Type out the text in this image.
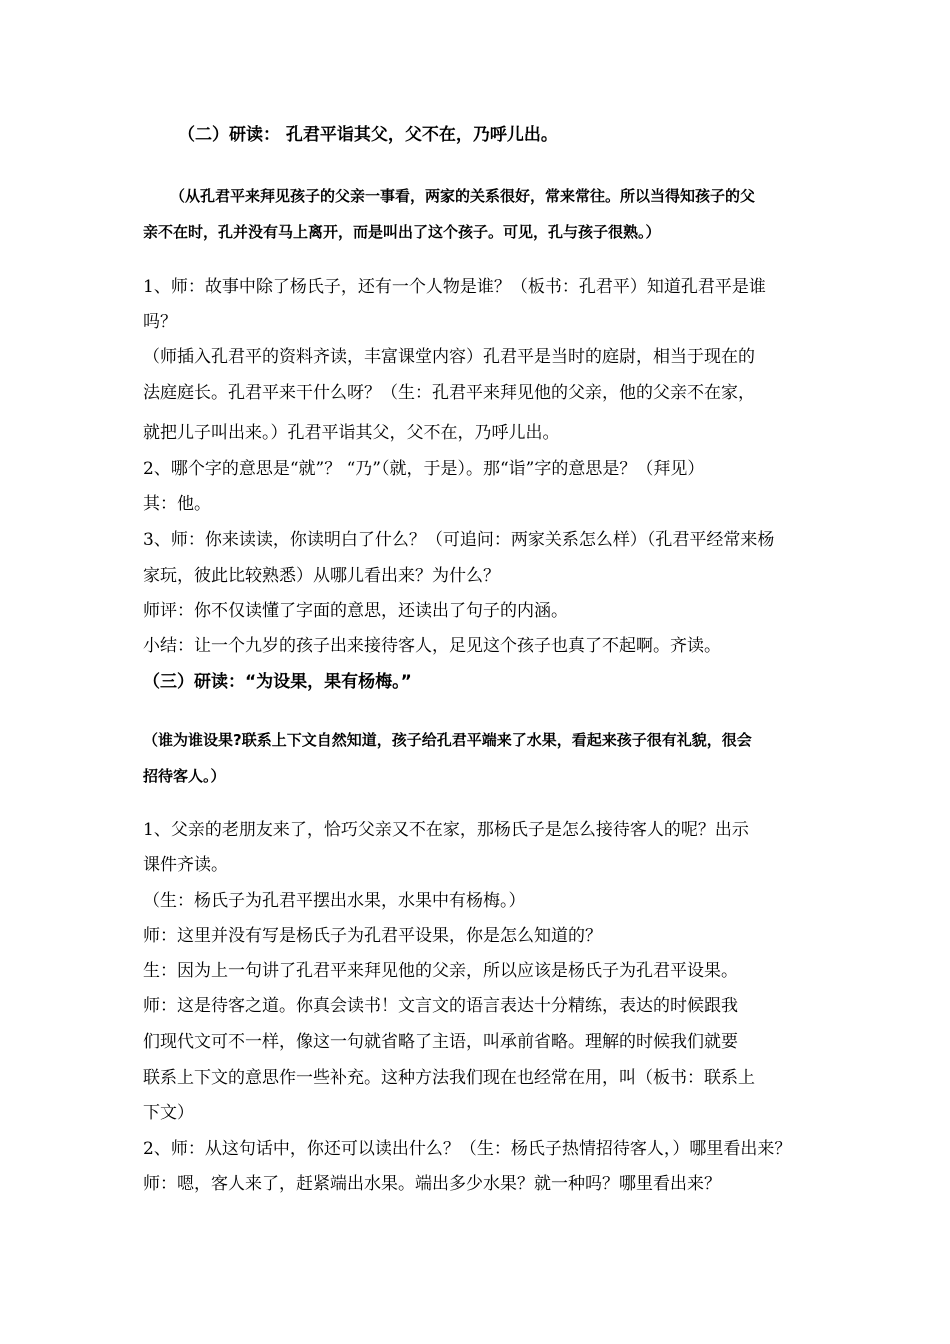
（二）研读： 孔君平诣其父，父不在，乃呼儿出。

（从孔君平来拜见孩子的父亲一事看，两家的关系很好，常来常往。所以当得知孩子的父

亲不在时，孔并没有马上离开，而是叫出了这个孩子。可见，孔与孩子很熟。）

1、师：故事中除了杨氏子，还有一个人物是谁？（板书：孔君平）知道孔君平是谁

吗？

（师插入孔君平的资料齐读，丰富课堂内容）孔君平是当时的庭尉，相当于现在的

法庭庭长。孔君平来干什么呀？（生：孔君平来拜见他的父亲，他的父亲不在家，

就把儿子叫出来。）孔君平诣其父，父不在，乃呼儿出。

2、哪个字的意思是“就”？ “乃”（就，于是）。那“诣”字的意思是？（拜见）

其：他。

3、师：你来读读，你读明白了什么？（可追问：两家关系怎么样）（孔君平经常来杨

家玩，彼此比较熟悉）从哪儿看出来？为什么？

师评：你不仅读懂了字面的意思，还读出了句子的内涵。

小结：让一个九岁的孩子出来接待客人，足见这个孩子也真了不起啊。齐读。

（三）研读：“为设果，果有杨梅。”

（谁为谁设果?联系上下文自然知道，孩子给孔君平端来了水果，看起来孩子很有礼貌，很会

招待客人。）

1、父亲的老朋友来了，恰巧父亲又不在家，那杨氏子是怎么接待客人的呢？出示

课件齐读。

（生：杨氏子为孔君平摆出水果，水果中有杨梅。）

师：这里并没有写是杨氏子为孔君平设果，你是怎么知道的？

生：因为上一句讲了孔君平来拜见他的父亲，所以应该是杨氏子为孔君平设果。

师：这是待客之道。你真会读书！文言文的语言表达十分精练，表达的时候跟我

们现代文可不一样，像这一句就省略了主语，叫承前省略。理解的时候我们就要

联系上下文的意思作一些补充。这种方法我们现在也经常在用，叫（板书：联系上

下文）

2、师：从这句话中，你还可以读出什么？（生：杨氏子热情招待客人，）哪里看出来？

师：嗯，客人来了，赶紧端出水果。端出多少水果？就一种吗？哪里看出来？
